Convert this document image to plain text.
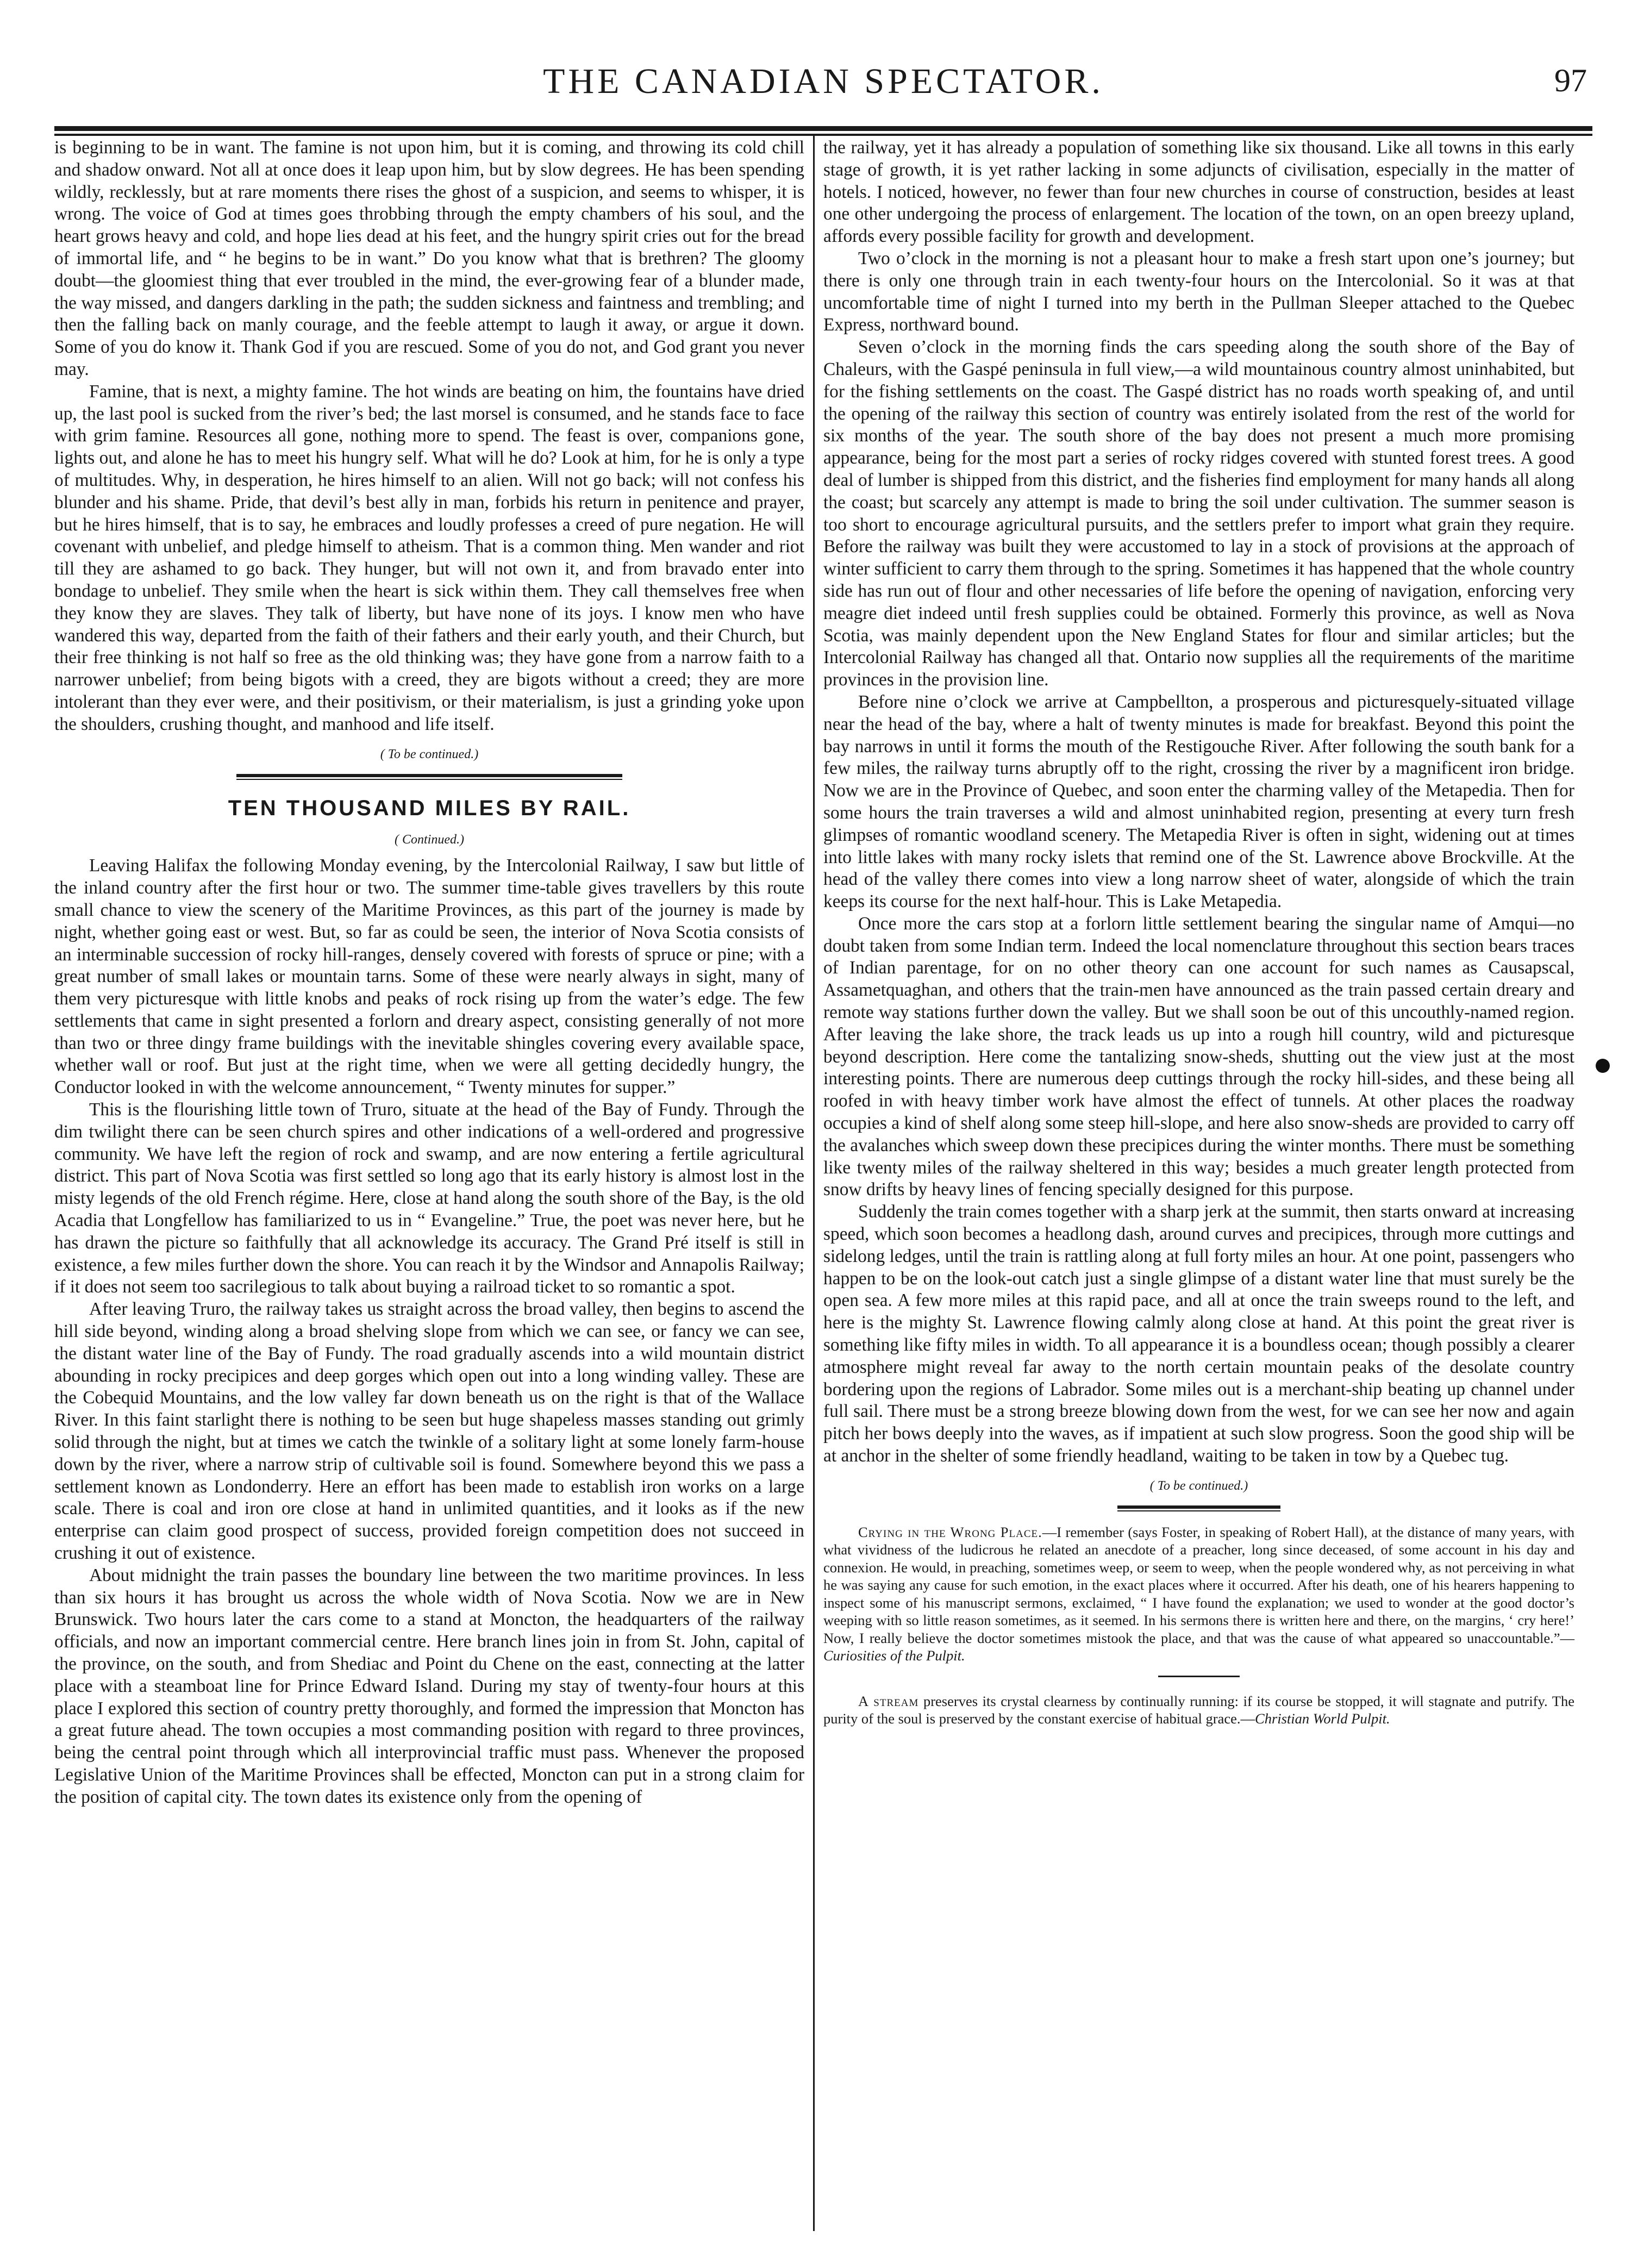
THE CANADIAN SPECTATOR.	97

is beginning to be in want. The famine is not upon him, but it is coming, and throwing its cold chill and shadow onward. Not all at once does it leap upon him, but by slow degrees. He has been spending wildly, recklessly, but at rare moments there rises the ghost of a suspicion, and seems to whisper, it is wrong. The voice of God at times goes throbbing through the empty chambers of his soul, and the heart grows heavy and cold, and hope lies dead at his feet, and the hungry spirit cries out for the bread of immortal life, and “ he begins to be in want.” Do you know what that is brethren? The gloomy doubt—the gloomiest thing that ever troubled in the mind, the ever-growing fear of a blunder made, the way missed, and dangers darkling in the path; the sudden sickness and faintness and trembling; and then the falling back on manly courage, and the feeble attempt to laugh it away, or argue it down. Some of you do know it. Thank God if you are rescued. Some of you do not, and God grant you never may.

Famine, that is next, a mighty famine. The hot winds are beating on him, the fountains have dried up, the last pool is sucked from the river’s bed; the last morsel is consumed, and he stands face to face with grim famine. Resources all gone, nothing more to spend. The feast is over, companions gone, lights out, and alone he has to meet his hungry self. What will he do? Look at him, for he is only a type of multitudes. Why, in desperation, he hires himself to an alien. Will not go back; will not confess his blunder and his shame. Pride, that devil’s best ally in man, forbids his return in penitence and prayer, but he hires himself, that is to say, he embraces and loudly professes a creed of pure negation. He will covenant with unbelief, and pledge himself to atheism. That is a common thing. Men wander and riot till they are ashamed to go back. They hunger, but will not own it, and from bravado enter into bondage to unbelief. They smile when the heart is sick within them. They call themselves free when they know they are slaves. They talk of liberty, but have none of its joys. I know men who have wandered this way, departed from the faith of their fathers and their early youth, and their Church, but their free thinking is not half so free as the old thinking was; they have gone from a narrow faith to a narrower unbelief; from being bigots with a creed, they are bigots without a creed; they are more intolerant than they ever were, and their positivism, or their materialism, is just a grinding yoke upon the shoulders, crushing thought, and manhood and life itself.

( To be continued.)
TEN THOUSAND MILES BY RAIL.
( Continued.)

Leaving Halifax the following Monday evening, by the Intercolonial Railway, I saw but little of the inland country after the first hour or two. The summer time-table gives travellers by this route small chance to view the scenery of the Maritime Provinces, as this part of the journey is made by night, whether going east or west. But, so far as could be seen, the interior of Nova Scotia consists of an interminable succession of rocky hill-ranges, densely covered with forests of spruce or pine; with a great number of small lakes or mountain tarns. Some of these were nearly always in sight, many of them very picturesque with little knobs and peaks of rock rising up from the water’s edge. The few settlements that came in sight presented a forlorn and dreary aspect, consisting generally of not more than two or three dingy frame buildings with the inevitable shingles covering every available space, whether wall or roof. But just at the right time, when we were all getting decidedly hungry, the Conductor looked in with the welcome announcement, “ Twenty minutes for supper.”

This is the flourishing little town of Truro, situate at the head of the Bay of Fundy. Through the dim twilight there can be seen church spires and other indications of a well-ordered and progressive community. We have left the region of rock and swamp, and are now entering a fertile agricultural district. This part of Nova Scotia was first settled so long ago that its early history is almost lost in the misty legends of the old French régime. Here, close at hand along the south shore of the Bay, is the old Acadia that Longfellow has familiarized to us in “ Evangeline.” True, the poet was never here, but he has drawn the picture so faithfully that all acknowledge its accuracy. The Grand Pré itself is still in existence, a few miles further down the shore. You can reach it by the Windsor and Annapolis Railway; if it does not seem too sacrilegious to talk about buying a railroad ticket to so romantic a spot.

After leaving Truro, the railway takes us straight across the broad valley, then begins to ascend the hill side beyond, winding along a broad shelving slope from which we can see, or fancy we can see, the distant water line of the Bay of Fundy. The road gradually ascends into a wild mountain district abounding in rocky precipices and deep gorges which open out into a long winding valley. These are the Cobequid Mountains, and the low valley far down beneath us on the right is that of the Wallace River. In this faint starlight there is nothing to be seen but huge shapeless masses standing out grimly solid through the night, but at times we catch the twinkle of a solitary light at some lonely farm-house down by the river, where a narrow strip of cultivable soil is found. Somewhere beyond this we pass a settlement known as Londonderry. Here an effort has been made to establish iron works on a large scale. There is coal and iron ore close at hand in unlimited quantities, and it looks as if the new enterprise can claim good prospect of success, provided foreign competition does not succeed in crushing it out of existence.

About midnight the train passes the boundary line between the two maritime provinces. In less than six hours it has brought us across the whole width of Nova Scotia. Now we are in New Brunswick. Two hours later the cars come to a stand at Moncton, the headquarters of the railway officials, and now an important commercial centre. Here branch lines join in from St. John, capital of the province, on the south, and from Shediac and Point du Chene on the east, connecting at the latter place with a steamboat line for Prince Edward Island. During my stay of twenty-four hours at this place I explored this section of country pretty thoroughly, and formed the impression that Moncton has a great future ahead. The town occupies a most commanding position with regard to three provinces, being the central point through which all interprovincial traffic must pass. Whenever the proposed Legislative Union of the Maritime Provinces shall be effected, Moncton can put in a strong claim for the position of capital city. The town dates its existence only from the opening of

the railway, yet it has already a population of something like six thousand. Like all towns in this early stage of growth, it is yet rather lacking in some adjuncts of civilisation, especially in the matter of hotels. I noticed, however, no fewer than four new churches in course of construction, besides at least one other undergoing the process of enlargement. The location of the town, on an open breezy upland, affords every possible facility for growth and development.

Two o’clock in the morning is not a pleasant hour to make a fresh start upon one’s journey; but there is only one through train in each twenty-four hours on the Intercolonial. So it was at that uncomfortable time of night I turned into my berth in the Pullman Sleeper attached to the Quebec Express, northward bound.

Seven o’clock in the morning finds the cars speeding along the south shore of the Bay of Chaleurs, with the Gaspé peninsula in full view,—a wild mountainous country almost uninhabited, but for the fishing settlements on the coast. The Gaspé district has no roads worth speaking of, and until the opening of the railway this section of country was entirely isolated from the rest of the world for six months of the year. The south shore of the bay does not present a much more promising appearance, being for the most part a series of rocky ridges covered with stunted forest trees. A good deal of lumber is shipped from this district, and the fisheries find employment for many hands all along the coast; but scarcely any attempt is made to bring the soil under cultivation. The summer season is too short to encourage agricultural pursuits, and the settlers prefer to import what grain they require. Before the railway was built they were accustomed to lay in a stock of provisions at the approach of winter sufficient to carry them through to the spring. Sometimes it has happened that the whole country side has run out of flour and other necessaries of life before the opening of navigation, enforcing very meagre diet indeed until fresh supplies could be obtained. Formerly this province, as well as Nova Scotia, was mainly dependent upon the New England States for flour and similar articles; but the Intercolonial Railway has changed all that. Ontario now supplies all the requirements of the maritime provinces in the provision line.

Before nine o’clock we arrive at Campbellton, a prosperous and picturesquely-situated village near the head of the bay, where a halt of twenty minutes is made for breakfast. Beyond this point the bay narrows in until it forms the mouth of the Restigouche River. After following the south bank for a few miles, the railway turns abruptly off to the right, crossing the river by a magnificent iron bridge. Now we are in the Province of Quebec, and soon enter the charming valley of the Metapedia. Then for some hours the train traverses a wild and almost uninhabited region, presenting at every turn fresh glimpses of romantic woodland scenery. The Metapedia River is often in sight, widening out at times into little lakes with many rocky islets that remind one of the St. Lawrence above Brockville. At the head of the valley there comes into view a long narrow sheet of water, alongside of which the train keeps its course for the next half-hour. This is Lake Metapedia.

Once more the cars stop at a forlorn little settlement bearing the singular name of Amqui—no doubt taken from some Indian term. Indeed the local nomenclature throughout this section bears traces of Indian parentage, for on no other theory can one account for such names as Causapscal, Assametquaghan, and others that the train-men have announced as the train passed certain dreary and remote way stations further down the valley. But we shall soon be out of this uncouthly-named region. After leaving the lake shore, the track leads us up into a rough hill country, wild and picturesque beyond description. Here come the tantalizing snow-sheds, shutting out the view just at the most interesting points. There are numerous deep cuttings through the rocky hill-sides, and these being all roofed in with heavy timber work have almost the effect of tunnels. At other places the roadway occupies a kind of shelf along some steep hill-slope, and here also snow-sheds are provided to carry off the avalanches which sweep down these precipices during the winter months. There must be something like twenty miles of the railway sheltered in this way; besides a much greater length protected from snow drifts by heavy lines of fencing specially designed for this purpose.

Suddenly the train comes together with a sharp jerk at the summit, then starts onward at increasing speed, which soon becomes a headlong dash, around curves and precipices, through more cuttings and sidelong ledges, until the train is rattling along at full forty miles an hour. At one point, passengers who happen to be on the look-out catch just a single glimpse of a distant water line that must surely be the open sea. A few more miles at this rapid pace, and all at once the train sweeps round to the left, and here is the mighty St. Lawrence flowing calmly along close at hand. At this point the great river is something like fifty miles in width. To all appearance it is a boundless ocean; though possibly a clearer atmosphere might reveal far away to the north certain mountain peaks of the desolate country bordering upon the regions of Labrador. Some miles out is a merchant-ship beating up channel under full sail. There must be a strong breeze blowing down from the west, for we can see her now and again pitch her bows deeply into the waves, as if impatient at such slow progress. Soon the good ship will be at anchor in the shelter of some friendly headland, waiting to be taken in tow by a Quebec tug.

( To be continued.)

Crying in the Wrong Place.—I remember (says Foster, in speaking of Robert Hall), at the distance of many years, with what vividness of the ludicrous he related an anecdote of a preacher, long since deceased, of some account in his day and connexion. He would, in preaching, sometimes weep, or seem to weep, when the people wondered why, as not perceiving in what he was saying any cause for such emotion, in the exact places where it occurred. After his death, one of his hearers happening to inspect some of his manuscript sermons, exclaimed, “ I have found the explanation; we used to wonder at the good doctor’s weeping with so little reason sometimes, as it seemed. In his sermons there is written here and there, on the margins, ‘ cry here!’ Now, I really believe the doctor sometimes mistook the place, and that was the cause of what appeared so unaccountable.”—Curiosities of the Pulpit.

A stream preserves its crystal clearness by continually running: if its course be stopped, it will stagnate and putrify. The purity of the soul is preserved by the constant exercise of habitual grace.—Christian World Pulpit.
